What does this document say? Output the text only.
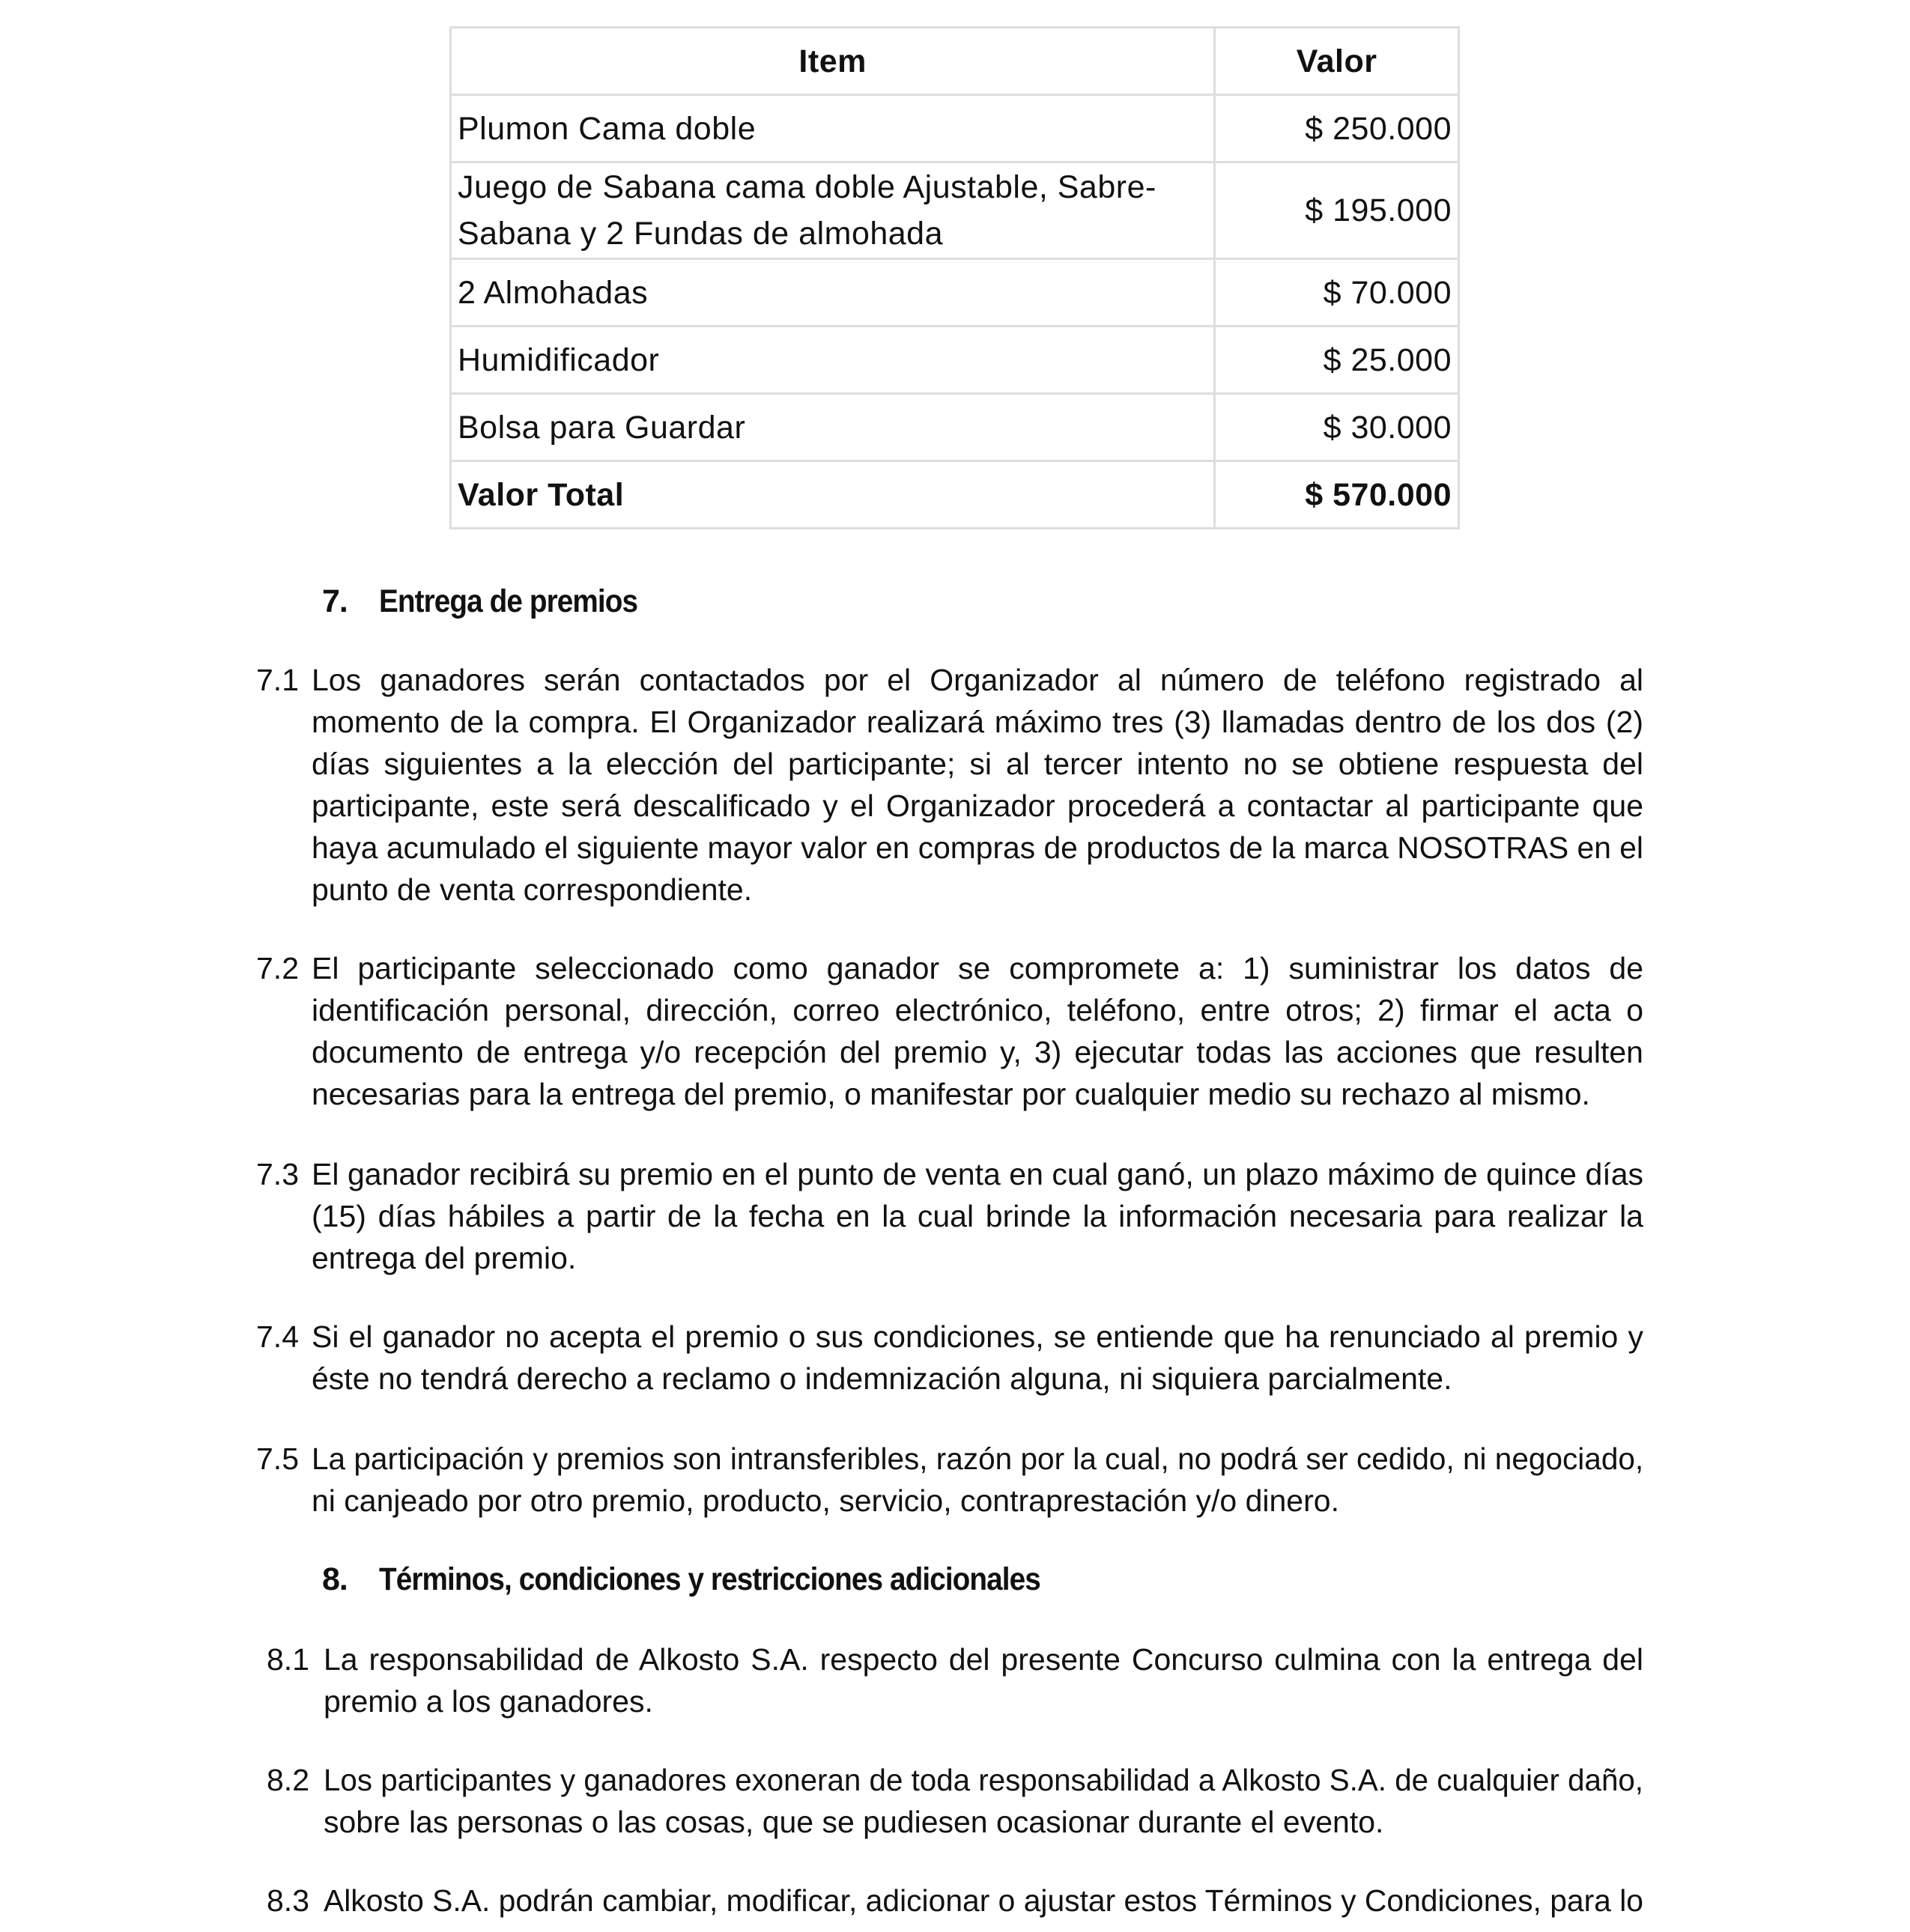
Item	Valor
Plumon Cama doble	$ 250.000

Juego de Sabana cama doble Ajustable, Sabre-
Sabana y 2 Fundas de almohada	$ 195.000
2 Almohadas	$ 70.000
Humidificador	$ 25.000
Bolsa para Guardar	$ 30.000
Valor Total	$ 570.000
7. Entrega de premios
7.1 Los ganadores serán contactados por el Organizador al número de teléfono registrado al
momento de la compra. El Organizador realizará máximo tres (3) llamadas dentro de los dos (2)
días siguientes a la elección del participante; si al tercer intento no se obtiene respuesta del
participante, este será descalificado y el Organizador procederá a contactar al participante que
haya acumulado el siguiente mayor valor en compras de productos de la marca NOSOTRAS en el
punto de venta correspondiente.
7.2 El participante seleccionado como ganador se compromete a: 1) suministrar los datos de
identificación personal, dirección, correo electrónico, teléfono, entre otros; 2) firmar el acta o
documento de entrega y/o recepción del premio y, 3) ejecutar todas las acciones que resulten
necesarias para la entrega del premio, o manifestar por cualquier medio su rechazo al mismo.
7.3 El ganador recibirá su premio en el punto de venta en cual ganó, un plazo máximo de quince días
(15) días hábiles a partir de la fecha en la cual brinde la información necesaria para realizar la
entrega del premio.
7.4 Si el ganador no acepta el premio o sus condiciones, se entiende que ha renunciado al premio y
éste no tendrá derecho a reclamo o indemnización alguna, ni siquiera parcialmente.
7.5 La participación y premios son intransferibles, razón por la cual, no podrá ser cedido, ni negociado,
ni canjeado por otro premio, producto, servicio, contraprestación y/o dinero.
8. Términos, condiciones y restricciones adicionales
8.1 La responsabilidad de Alkosto S.A. respecto del presente Concurso culmina con la entrega del
premio a los ganadores.
8.2 Los participantes y ganadores exoneran de toda responsabilidad a Alkosto S.A. de cualquier daño,
sobre las personas o las cosas, que se pudiesen ocasionar durante el evento.
8.3 Alkosto S.A. podrán cambiar, modificar, adicionar o ajustar estos Términos y Condiciones, para lo
